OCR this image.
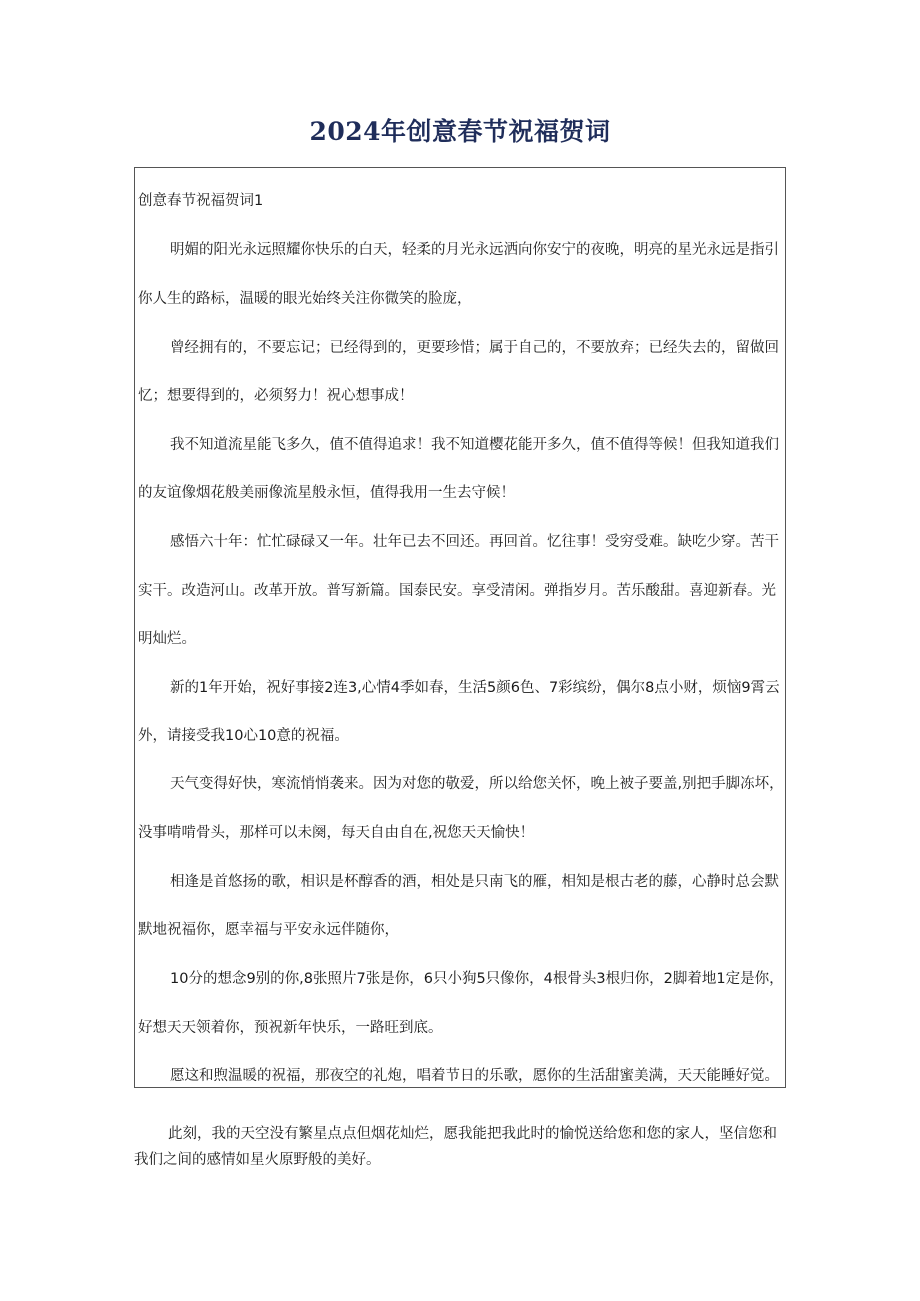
2024年创意春节祝福贺词
创意春节祝福贺词1
明媚的阳光永远照耀你快乐的白天，轻柔的月光永远洒向你安宁的夜晚，明亮的星光永远是指引
你人生的路标，温暖的眼光始终关注你微笑的脸庞，
曾经拥有的，不要忘记；已经得到的，更要珍惜；属于自己的，不要放弃；已经失去的，留做回
忆；想要得到的，必须努力！祝心想事成！
我不知道流星能飞多久，值不值得追求！我不知道樱花能开多久，值不值得等候！但我知道我们
的友谊像烟花般美丽像流星般永恒，值得我用一生去守候！
感悟六十年：忙忙碌碌又一年。壮年已去不回还。再回首。忆往事！受穷受难。缺吃少穿。苦干
实干。改造河山。改革开放。普写新篇。国泰民安。享受清闲。弹指岁月。苦乐酸甜。喜迎新春。光
明灿烂。
新的1年开始，祝好事接2连3,心情4季如春，生活5颜6色、7彩缤纷，偶尔8点小财，烦恼9霄云
外，请接受我10心10意的祝福。
天气变得好快，寒流悄悄袭来。因为对您的敬爱，所以给您关怀，晚上被子要盖,别把手脚冻坏，
没事啃啃骨头，那样可以未阕，每天自由自在,祝您天天愉快！
相逢是首悠扬的歌，相识是杯醇香的酒，相处是只南飞的雁，相知是根古老的藤，心静时总会默
默地祝福你，愿幸福与平安永远伴随你，
10分的想念9别的你,8张照片7张是你，6只小狗5只像你，4根骨头3根归你，2脚着地1定是你，
好想天天领着你，预祝新年快乐，一路旺到底。
愿这和煦温暖的祝福，那夜空的礼炮，唱着节日的乐歌，愿你的生活甜蜜美满，天天能睡好觉。
此刻，我的天空没有繁星点点但烟花灿烂，愿我能把我此时的愉悦送给您和您的家人，坚信您和
我们之间的感情如星火原野般的美好。
